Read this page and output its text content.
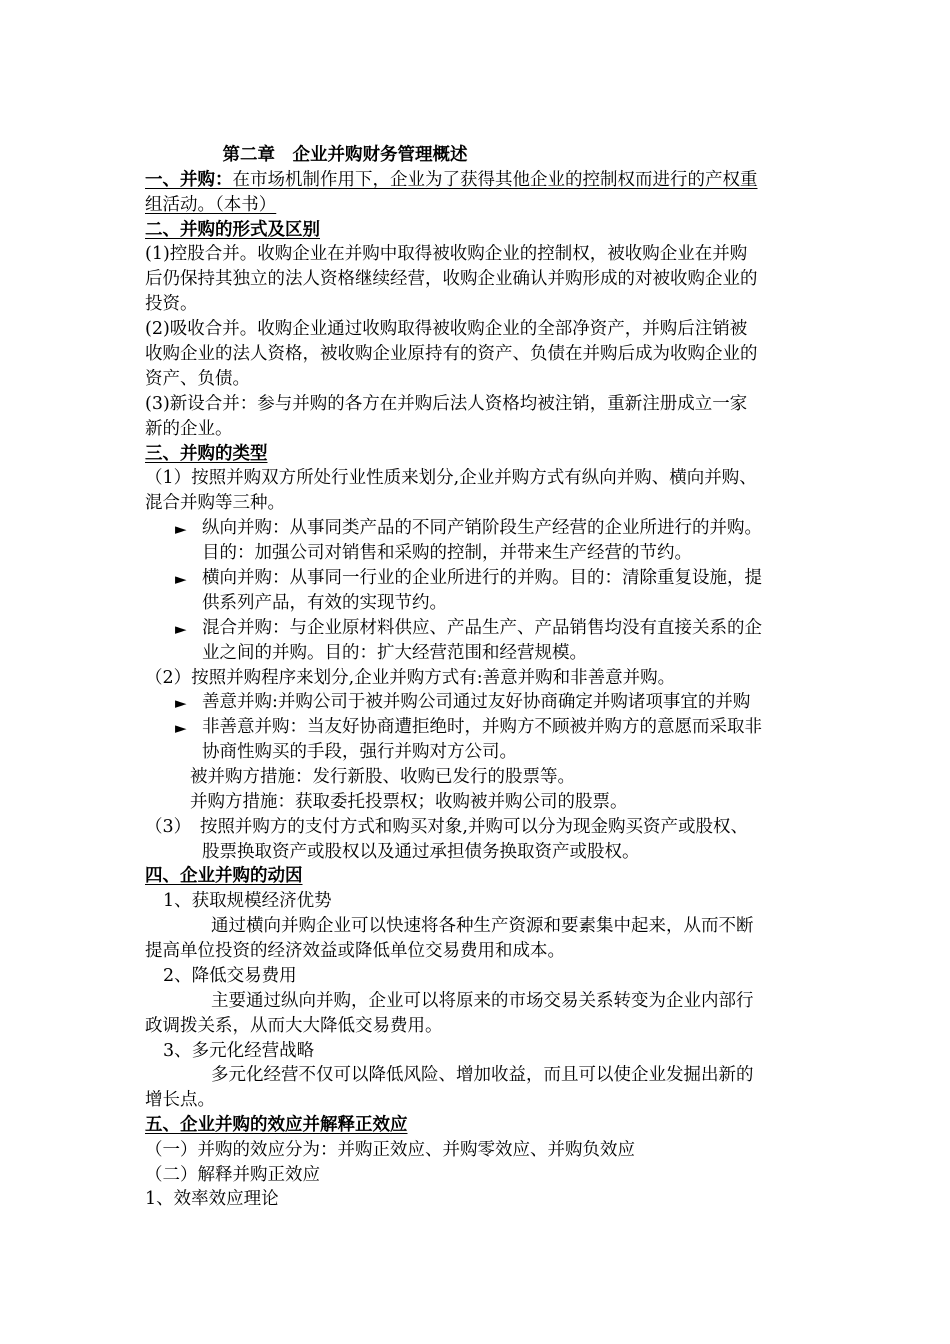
第二章　企业并购财务管理概述
一、并购：在市场机制作用下，企业为了获得其他企业的控制权而进行的产权重
组活动。（本书）
二、并购的形式及区别
(1)控股合并。收购企业在并购中取得被收购企业的控制权，被收购企业在并购
后仍保持其独立的法人资格继续经营，收购企业确认并购形成的对被收购企业的
投资。
(2)吸收合并。收购企业通过收购取得被收购企业的全部净资产，并购后注销被
收购企业的法人资格，被收购企业原持有的资产、负债在并购后成为收购企业的
资产、负债。
(3)新设合并：参与并购的各方在并购后法人资格均被注销，重新注册成立一家
新的企业。
三、并购的类型
（1）按照并购双方所处行业性质来划分,企业并购方式有纵向并购、横向并购、
混合并购等三种。
► 纵向并购：从事同类产品的不同产销阶段生产经营的企业所进行的并购。
目的：加强公司对销售和采购的控制，并带来生产经营的节约。
► 横向并购：从事同一行业的企业所进行的并购。目的：清除重复设施，提
供系列产品，有效的实现节约。
► 混合并购：与企业原材料供应、产品生产、产品销售均没有直接关系的企
业之间的并购。目的：扩大经营范围和经营规模。
（2）按照并购程序来划分,企业并购方式有:善意并购和非善意并购。
► 善意并购:并购公司于被并购公司通过友好协商确定并购诸项事宜的并购
► 非善意并购：当友好协商遭拒绝时，并购方不顾被并购方的意愿而采取非
协商性购买的手段，强行并购对方公司。
被并购方措施：发行新股、收购已发行的股票等。
并购方措施：获取委托投票权；收购被并购公司的股票。
（3）　按照并购方的支付方式和购买对象,并购可以分为现金购买资产或股权、
股票换取资产或股权以及通过承担债务换取资产或股权。
四、企业并购的动因
1、获取规模经济优势
通过横向并购企业可以快速将各种生产资源和要素集中起来，从而不断
提高单位投资的经济效益或降低单位交易费用和成本。
2、降低交易费用
主要通过纵向并购，企业可以将原来的市场交易关系转变为企业内部行
政调拨关系，从而大大降低交易费用。
3、多元化经营战略
多元化经营不仅可以降低风险、增加收益，而且可以使企业发掘出新的
增长点。
五、企业并购的效应并解释正效应
（一）并购的效应分为：并购正效应、并购零效应、并购负效应
（二）解释并购正效应
1、效率效应理论
